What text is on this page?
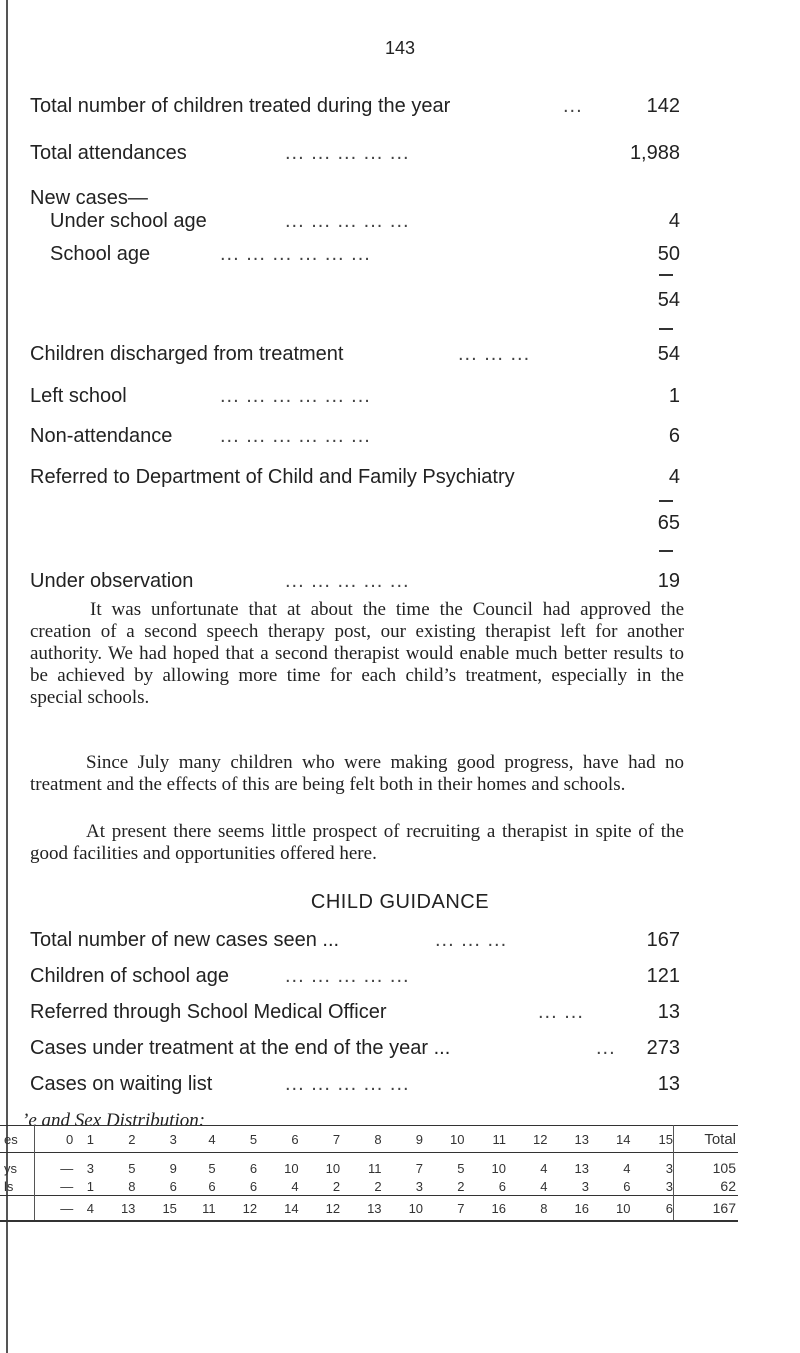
143
Total number of children treated during the year	...	142
Total attendances	... ... ... ... ...	1,988
New cases—
Under school age	... ... ... ... ...	4
School age	... ... ... ... ... ...	50
54
Children discharged from treatment	... ... ...	54
Left school	... ... ... ... ... ...	1
Non-attendance ... ... ... ... ... ...	6
Referred to Department of Child and Family Psychiatry	4
65
Under observation	... ... ... ... ...	19

It was unfortunate that at about the time the Council had approved the creation of a second speech therapy post, our existing therapist left for another authority. We had hoped that a second therapist would enable much better results to be achieved by allowing more time for each child’s treatment, especially in the special schools.

Since July many children who were making good progress, have had no treatment and the effects of this are being felt both in their homes and schools.

At present there seems little prospect of recruiting a therapist in spite of the good facilities and opportunities offered here.

CHILD GUIDANCE
Total number of new cases seen ...	... ... ...	167
Children of school age	... ... ... ... ...	121
Referred through School Medical Officer	... ...	13
Cases under treatment at the end of the year ...	... 273
Cases on waiting list	... ... ... ... ...	13
’e and Sex Distribution:
es	0	1	2	3	4	5	6	7	8	9	10	11	12	13	14	15	Total
ys	—	3	5	9	5	6	10	10	11	7	5	10	4	13	4	3	105
ls	—	1	8	6	6	6	4	2	2	3	2	6	4	3	6	3	62
	—	4	13	15	11	12	14	12	13	10	7	16	8	16	10	6	167
